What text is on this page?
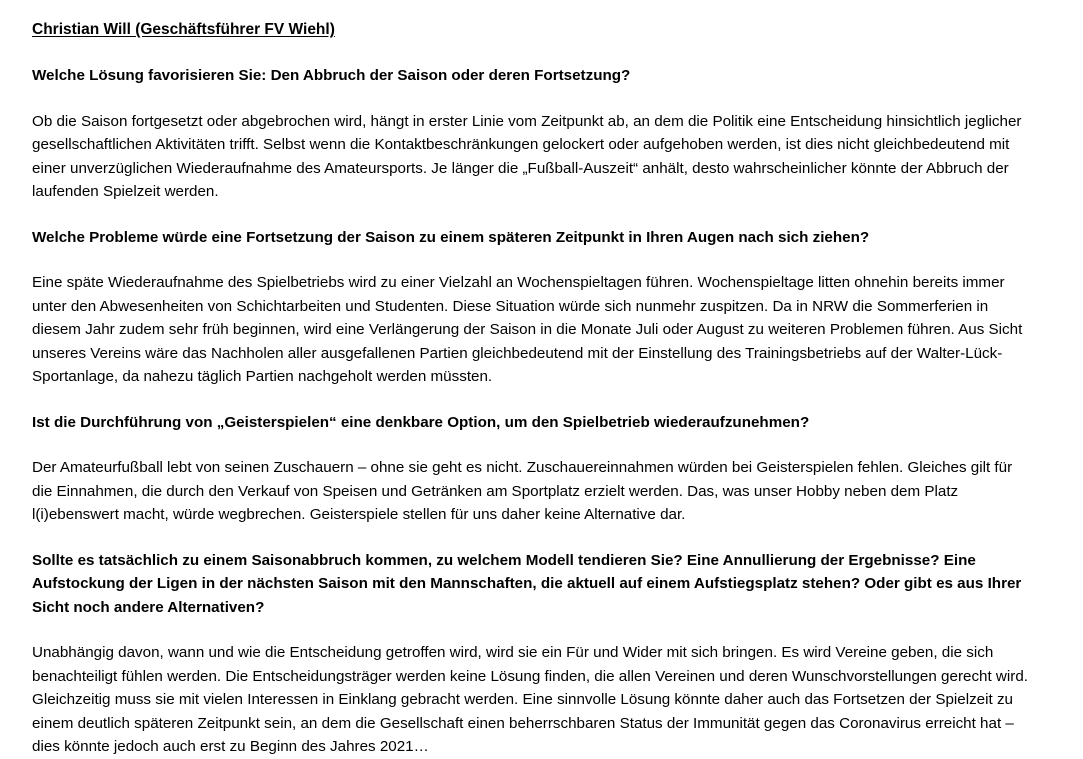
Christian Will (Geschäftsführer FV Wiehl)

Welche Lösung favorisieren Sie: Den Abbruch der Saison oder deren Fortsetzung?

Ob die Saison fortgesetzt oder abgebrochen wird, hängt in erster Linie vom Zeitpunkt ab, an dem die Politik eine Entscheidung hinsichtlich jeglicher gesellschaftlichen Aktivitäten trifft. Selbst wenn die Kontaktbeschränkungen gelockert oder aufgehoben werden, ist dies nicht gleichbedeutend mit einer unverzüglichen Wiederaufnahme des Amateursports. Je länger die „Fußball-Auszeit“ anhält, desto wahrscheinlicher könnte der Abbruch der laufenden Spielzeit werden.

Welche Probleme würde eine Fortsetzung der Saison zu einem späteren Zeitpunkt in Ihren Augen nach sich ziehen?

Eine späte Wiederaufnahme des Spielbetriebs wird zu einer Vielzahl an Wochenspieltagen führen. Wochenspieltage litten ohnehin bereits immer unter den Abwesenheiten von Schichtarbeiten und Studenten. Diese Situation würde sich nunmehr zuspitzen. Da in NRW die Sommerferien in diesem Jahr zudem sehr früh beginnen, wird eine Verlängerung der Saison in die Monate Juli oder August zu weiteren Problemen führen. Aus Sicht unseres Vereins wäre das Nachholen aller ausgefallenen Partien gleichbedeutend mit der Einstellung des Trainingsbetriebs auf der Walter-Lück-Sportanlage, da nahezu täglich Partien nachgeholt werden müssten.

Ist die Durchführung von „Geisterspielen“ eine denkbare Option, um den Spielbetrieb wiederaufzunehmen?

Der Amateurfußball lebt von seinen Zuschauern – ohne sie geht es nicht. Zuschauereinnahmen würden bei Geisterspielen fehlen. Gleiches gilt für die Einnahmen, die durch den Verkauf von Speisen und Getränken am Sportplatz erzielt werden. Das, was unser Hobby neben dem Platz l(i)ebenswert macht, würde wegbrechen. Geisterspiele stellen für uns daher keine Alternative dar.

Sollte es tatsächlich zu einem Saisonabbruch kommen, zu welchem Modell tendieren Sie? Eine Annullierung der Ergebnisse? Eine Aufstockung der Ligen in der nächsten Saison mit den Mannschaften, die aktuell auf einem Aufstiegsplatz stehen? Oder gibt es aus Ihrer Sicht noch andere Alternativen?

Unabhängig davon, wann und wie die Entscheidung getroffen wird, wird sie ein Für und Wider mit sich bringen. Es wird Vereine geben, die sich benachteiligt fühlen werden. Die Entscheidungsträger werden keine Lösung finden, die allen Vereinen und deren Wunschvorstellungen gerecht wird. Gleichzeitig muss sie mit vielen Interessen in Einklang gebracht werden. Eine sinnvolle Lösung könnte daher auch das Fortsetzen der Spielzeit zu einem deutlich späteren Zeitpunkt sein, an dem die Gesellschaft einen beherrschbaren Status der Immunität gegen das Coronavirus erreicht hat – dies könnte jedoch auch erst zu Beginn des Jahres 2021…
